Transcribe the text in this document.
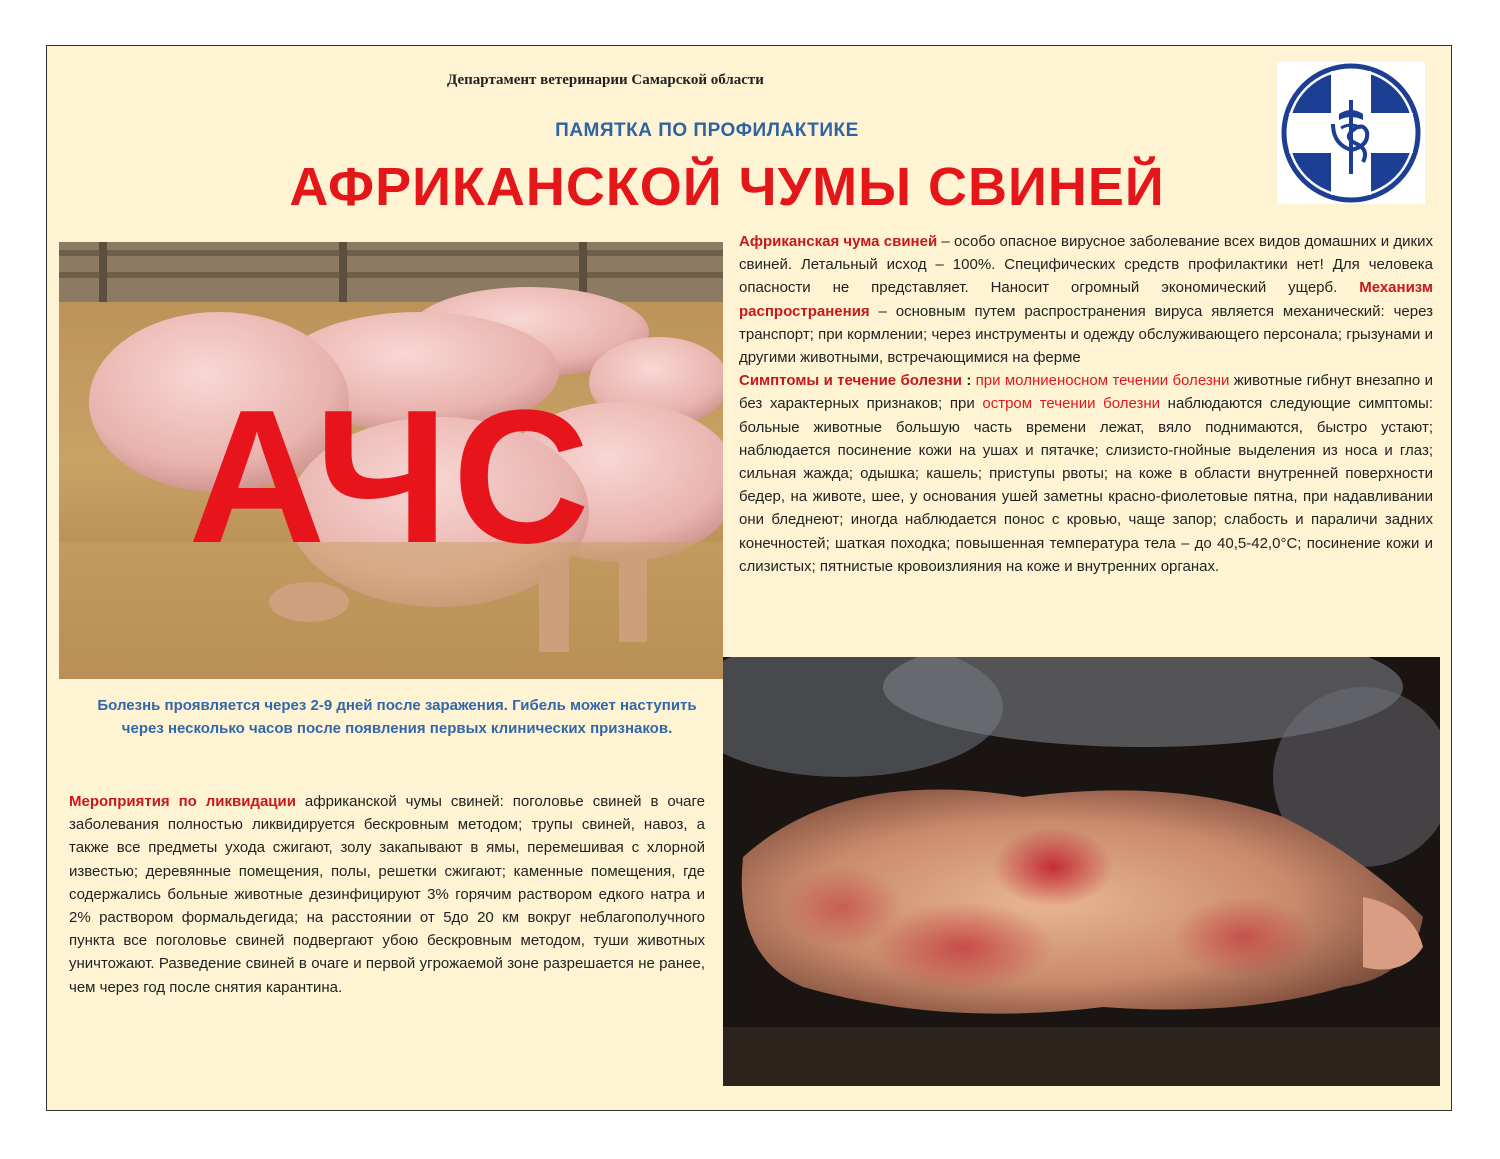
Департамент ветеринарии Самарской области
ПАМЯТКА ПО ПРОФИЛАКТИКЕ
АФРИКАНСКОЙ ЧУМЫ СВИНЕЙ
АЧС

Африканская чума свиней – особо опасное вирусное заболевание всех видов домашних и диких свиней. Летальный исход – 100%. Специфических средств профилактики нет! Для человека опасности не представляет. Наносит огромный экономический ущерб. Механизм распространения – основным путем распространения вируса является механический: через транспорт; при кормлении; через инструменты и одежду обслуживающего персонала; грызунами и другими животными, встречающимися на ферме
Симптомы и течение болезни : при молниеносном течении болезни животные гибнут внезапно и без характерных признаков; при остром течении болезни наблюдаются следующие симптомы: больные животные большую часть времени лежат, вяло поднимаются, быстро устают; наблюдается посинение кожи на ушах и пятачке; слизисто-гнойные выделения из носа и глаз; сильная жажда; одышка; кашель; приступы рвоты; на коже в области внутренней поверхности бедер, на животе, шее, у основания ушей заметны красно-фиолетовые пятна, при надавливании они бледнеют; иногда наблюдается понос с кровью, чаще запор; слабость и параличи задних конечностей; шаткая походка; повышенная температура тела – до 40,5-42,0°С; посинение кожи и слизистых; пятнистые кровоизлияния на коже и внутренних органах.

Болезнь проявляется через 2-9 дней после заражения. Гибель может наступить через несколько часов после появления первых клинических признаков.

Мероприятия по ликвидации африканской чумы свиней: поголовье свиней в очаге заболевания полностью ликвидируется бескровным методом; трупы свиней, навоз, а также все предметы ухода сжигают, золу закапывают в ямы, перемешивая с хлорной известью; деревянные помещения, полы, решетки сжигают; каменные помещения, где содержались больные животные дезинфицируют 3% горячим раствором едкого натра и 2% раствором формальдегида; на расстоянии от 5до 20 км вокруг неблагополучного пункта все поголовье свиней подвергают убою бескровным методом, туши животных уничтожают. Разведение свиней в очаге и первой угрожаемой зоне разрешается не ранее, чем через год после снятия карантина.
